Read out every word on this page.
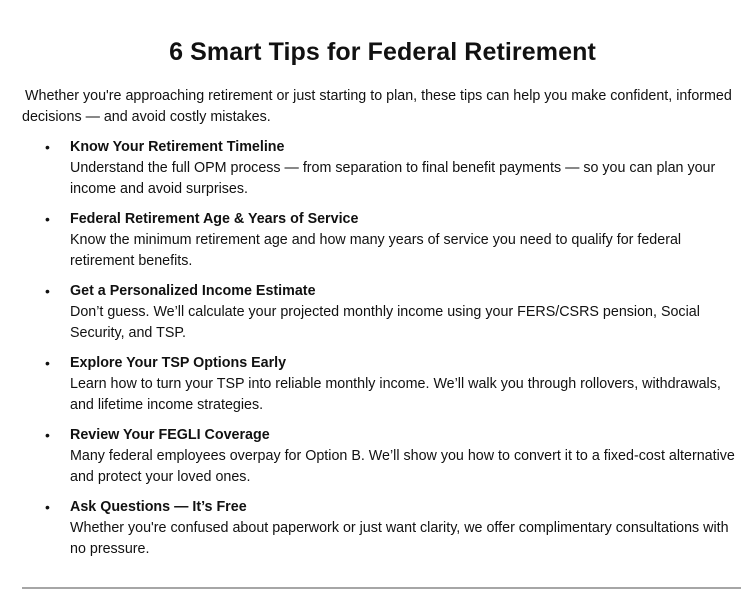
6 Smart Tips for Federal Retirement

Whether you're approaching retirement or just starting to plan, these tips can help you make confident, informed decisions — and avoid costly mistakes.

• Know Your Retirement Timeline
Understand the full OPM process — from separation to final benefit payments — so you can plan your income and avoid surprises.
• Federal Retirement Age & Years of Service
Know the minimum retirement age and how many years of service you need to qualify for federal retirement benefits.
• Get a Personalized Income Estimate
Don’t guess. We’ll calculate your projected monthly income using your FERS/CSRS pension, Social Security, and TSP.
• Explore Your TSP Options Early
Learn how to turn your TSP into reliable monthly income. We’ll walk you through rollovers, withdrawals, and lifetime income strategies.
• Review Your FEGLI Coverage
Many federal employees overpay for Option B. We’ll show you how to convert it to a fixed-cost alternative and protect your loved ones.
• Ask Questions — It’s Free
Whether you're confused about paperwork or just want clarity, we offer complimentary consultations with no pressure.
